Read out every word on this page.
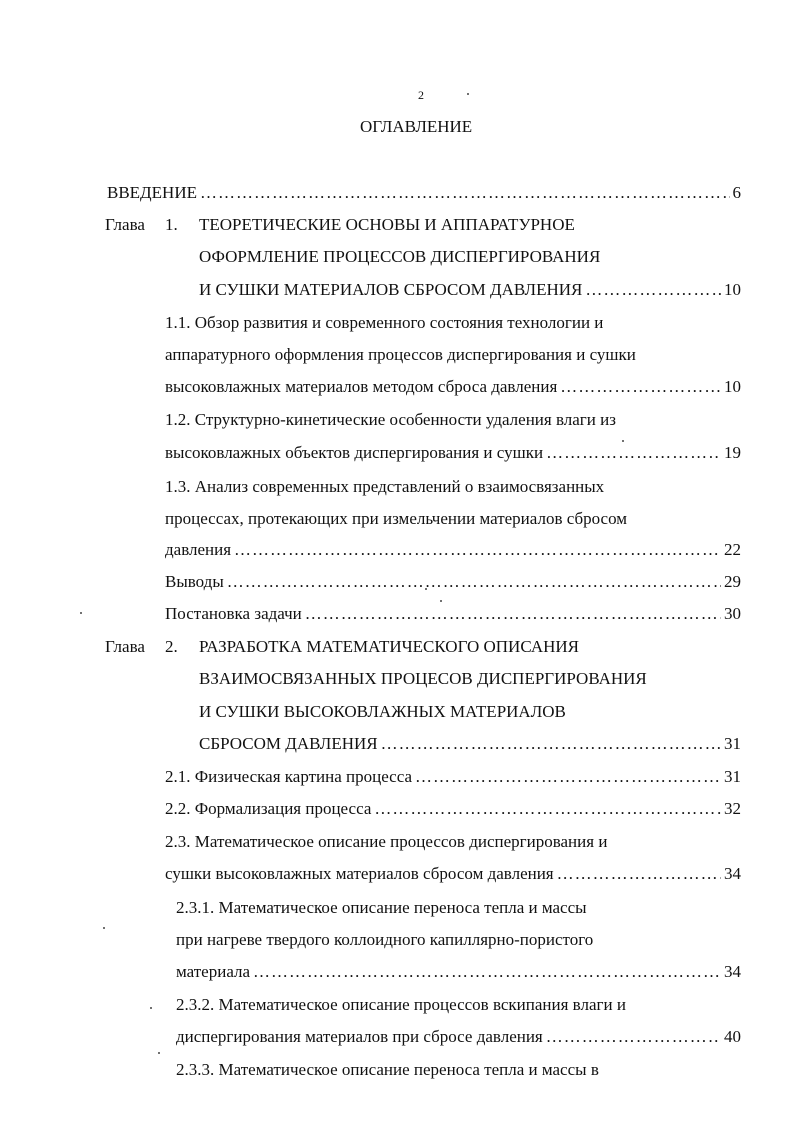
2
ОГЛАВЛЕНИЕ
ВВЕДЕНИЕ …………………………………………………………………………………………………………………………………………	6
Глава 1. ТЕОРЕТИЧЕСКИЕ ОСНОВЫ И АППАРАТУРНОЕ
ОФОРМЛЕНИЕ ПРОЦЕССОВ ДИСПЕРГИРОВАНИЯ
И СУШКИ МАТЕРИАЛОВ СБРОСОМ ДАВЛЕНИЯ …………………………………………………………………………………………………………………………………………	10
1.1. Обзор развития и современного состояния технологии и
аппаратурного оформления процессов диспергирования и сушки
высоковлажных материалов методом сброса давления …………………………………………………………………………………………………………………………………………	10
1.2. Структурно-кинетические особенности удаления влаги из
высоковлажных объектов диспергирования и сушки …………………………………………………………………………………………………………………………………………	19
1.3. Анализ современных представлений о взаимосвязанных
процессах, протекающих при измельчении материалов сбросом
давления …………………………………………………………………………………………………………………………………………	22
Выводы …………………………………………………………………………………………………………………………………………	29
Постановка задачи …………………………………………………………………………………………………………………………………………	30
Глава 2. РАЗРАБОТКА МАТЕМАТИЧЕСКОГО ОПИСАНИЯ
ВЗАИМОСВЯЗАННЫХ ПРОЦЕСОВ ДИСПЕРГИРОВАНИЯ
И СУШКИ ВЫСОКОВЛАЖНЫХ МАТЕРИАЛОВ
СБРОСОМ ДАВЛЕНИЯ …………………………………………………………………………………………………………………………………………	31
2.1. Физическая картина процесса …………………………………………………………………………………………………………………………………………	31
2.2. Формализация процесса …………………………………………………………………………………………………………………………………………	32
2.3. Математическое описание процессов диспергирования и
сушки высоковлажных материалов сбросом давления …………………………………………………………………………………………………………………………………………	34
2.3.1. Математическое описание переноса тепла и массы
при нагреве твердого коллоидного капиллярно-пористого
материала …………………………………………………………………………………………………………………………………………	34
2.3.2. Математическое описание процессов вскипания влаги и
диспергирования материалов при сбросе давления …………………………………………………………………………………………………………………………………………	40
2.3.3. Математическое описание переноса тепла и массы в
